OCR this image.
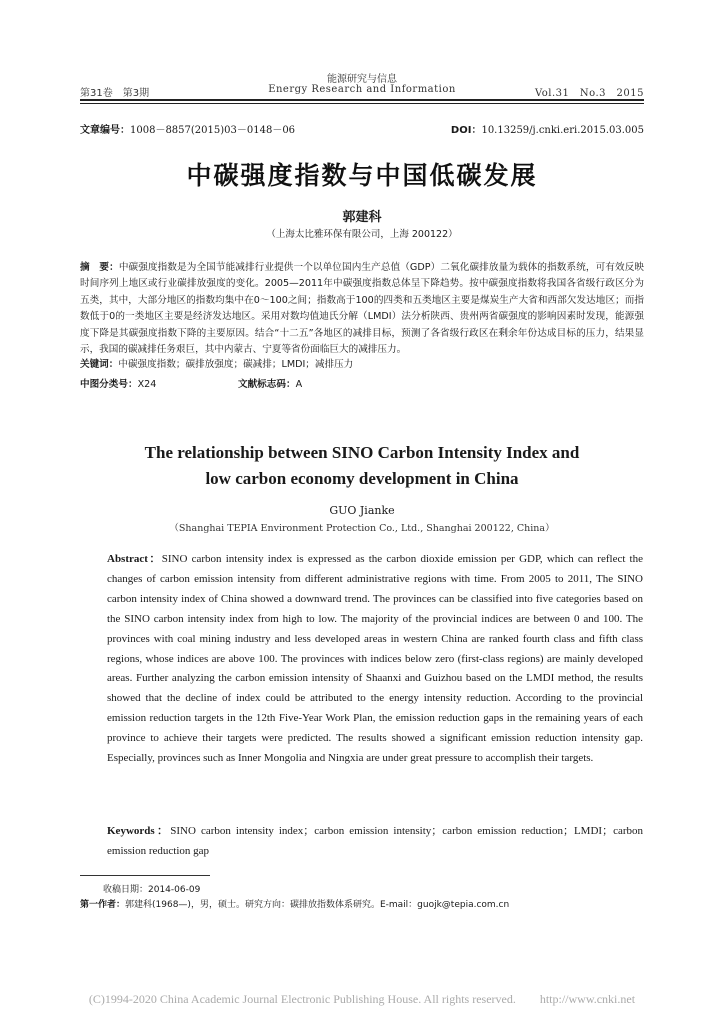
能源研究与信息
第31卷　第3期	Energy Research and Information	Vol.31　No.3　2015
文章编号：1008－8857(2015)03－0148－06	DOI：10.13259/j.cnki.eri.2015.03.005
中碳强度指数与中国低碳发展
郭建科
（上海太比雅环保有限公司，上海 200122）
摘　要：中碳强度指数是为全国节能减排行业提供一个以单位国内生产总值（GDP）二氧化碳排放量为载体的指数系统，可有效反映时间序列上地区或行业碳排放强度的变化。2005—2011年中碳强度指数总体呈下降趋势。按中碳强度指数将我国各省级行政区分为五类，其中，大部分地区的指数均集中在0～100之间；指数高于100的四类和五类地区主要是煤炭生产大省和西部欠发达地区；而指数低于0的一类地区主要是经济发达地区。采用对数均值迪氏分解（LMDI）法分析陕西、贵州两省碳强度的影响因素时发现，能源强度下降是其碳强度指数下降的主要原因。结合“十二五”各地区的减排目标，预测了各省级行政区在剩余年份达成目标的压力，结果显示，我国的碳减排任务艰巨，其中内蒙古、宁夏等省份面临巨大的减排压力。
关键词：中碳强度指数；碳排放强度；碳减排；LMDI；减排压力
中图分类号：X24	文献标志码：A
The relationship between SINO Carbon Intensity Index and
low carbon economy development in China
GUO Jianke
（Shanghai TEPIA Environment Protection Co., Ltd., Shanghai 200122, China）
Abstract：SINO carbon intensity index is expressed as the carbon dioxide emission per GDP, which can reflect the changes of carbon emission intensity from different administrative regions with time. From 2005 to 2011, The SINO carbon intensity index of China showed a downward trend. The provinces can be classified into five categories based on the SINO carbon intensity index from high to low. The majority of the provincial indices are between 0 and 100. The provinces with coal mining industry and less developed areas in western China are ranked fourth class and fifth class regions, whose indices are above 100. The provinces with indices below zero (first-class regions) are mainly developed areas. Further analyzing the carbon emission intensity of Shaanxi and Guizhou based on the LMDI method, the results showed that the decline of index could be attributed to the energy intensity reduction. According to the provincial emission reduction targets in the 12th Five-Year Work Plan, the emission reduction gaps in the remaining years of each province to achieve their targets were predicted. The results showed a significant emission reduction intensity gap. Especially, provinces such as Inner Mongolia and Ningxia are under great pressure to accomplish their targets.
Keywords：SINO carbon intensity index；carbon emission intensity；carbon emission reduction；LMDI；carbon emission reduction gap
收稿日期：2014-06-09
第一作者：郭建科(1968—)，男，硕士。研究方向：碳排放指数体系研究。E-mail：guojk@tepia.com.cn
(C)1994-2020 China Academic Journal Electronic Publishing House. All rights reserved.　　http://www.cnki.net
